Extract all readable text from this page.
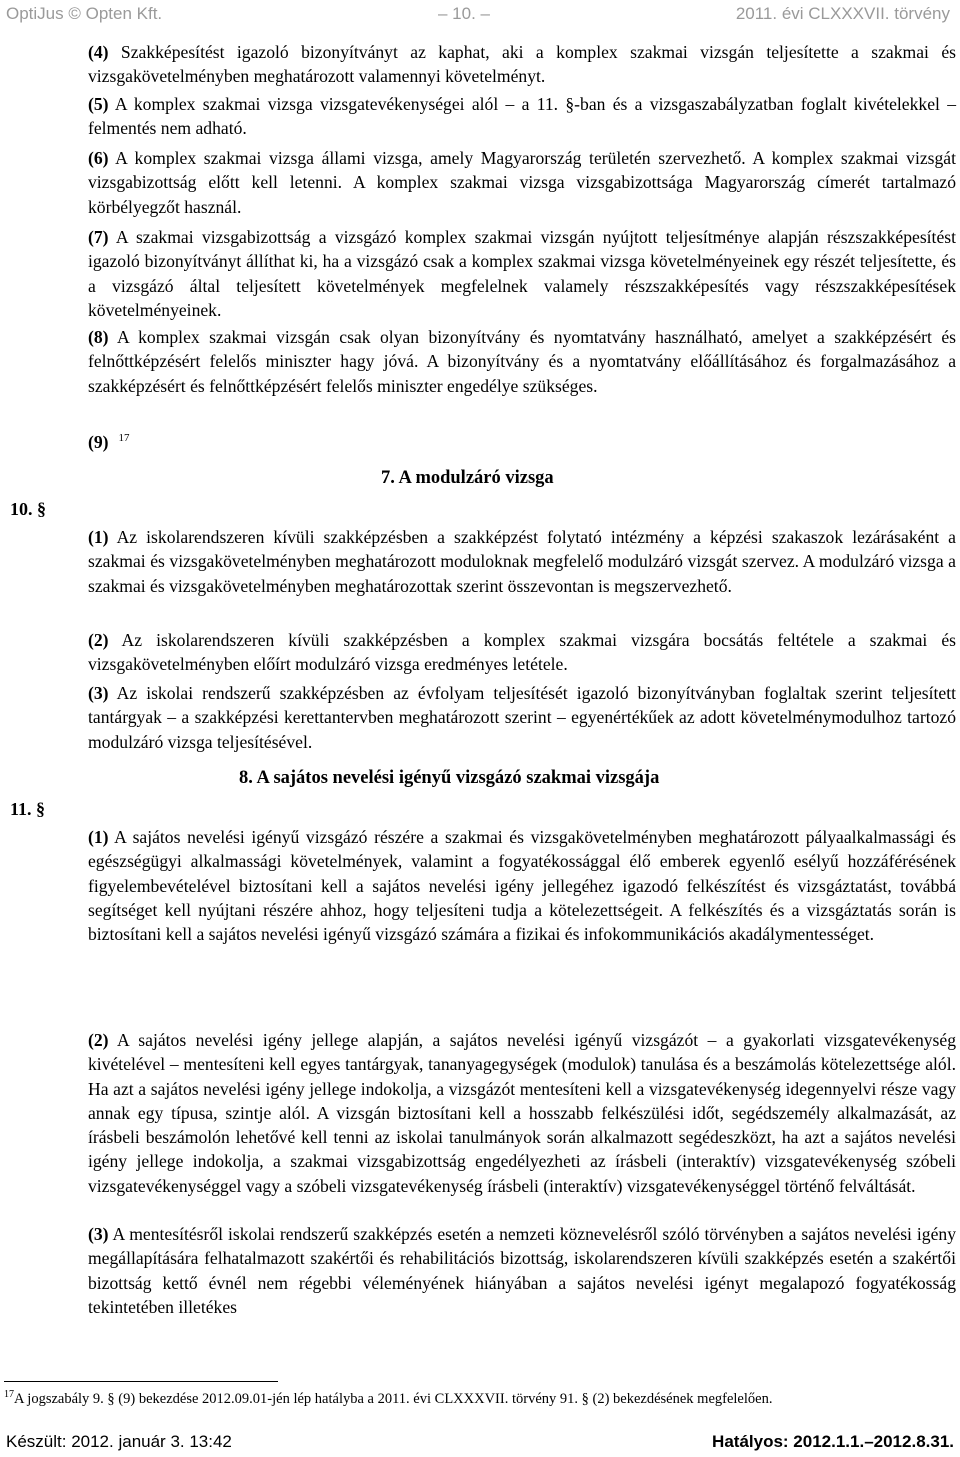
OptiJus © Opten Kft.	– 10. –	2011. évi CLXXXVII. törvény

(4) Szakképesítést igazoló bizonyítványt az kaphat, aki a komplex szakmai vizsgán teljesítette a szakmai és vizsgakövetelményben meghatározott valamennyi követelményt.

(5) A komplex szakmai vizsga vizsgatevékenységei alól – a 11. §-ban és a vizsgaszabályzatban foglalt kivételekkel – felmentés nem adható.

(6) A komplex szakmai vizsga állami vizsga, amely Magyarország területén szervezhető. A komplex szakmai vizsgát vizsgabizottság előtt kell letenni. A komplex szakmai vizsga vizsgabizottsága Magyarország címerét tartalmazó körbélyegzőt használ.

(7) A szakmai vizsgabizottság a vizsgázó komplex szakmai vizsgán nyújtott teljesítménye alapján részszakképesítést igazoló bizonyítványt állíthat ki, ha a vizsgázó csak a komplex szakmai vizsga követelményeinek egy részét teljesítette, és a vizsgázó által teljesített követelmények megfelelnek valamely részszakképesítés vagy részszakképesítések követelményeinek.

(8) A komplex szakmai vizsgán csak olyan bizonyítvány és nyomtatvány használható, amelyet a szakképzésért és felnőttképzésért felelős miniszter hagy jóvá. A bizonyítvány és a nyomtatvány előállításához és forgalmazásához a szakképzésért és felnőttképzésért felelős miniszter engedélye szükséges.

(9) $^{17}$

7. A modulzáró vizsga
10. §

(1) Az iskolarendszeren kívüli szakképzésben a szakképzést folytató intézmény a képzési szakaszok lezárásaként a szakmai és vizsgakövetelményben meghatározott moduloknak megfelelő modulzáró vizsgát szervez. A modulzáró vizsga a szakmai és vizsgakövetelményben meghatározottak szerint összevontan is megszervezhető.

(2) Az iskolarendszeren kívüli szakképzésben a komplex szakmai vizsgára bocsátás feltétele a szakmai és vizsgakövetelményben előírt modulzáró vizsga eredményes letétele.

(3) Az iskolai rendszerű szakképzésben az évfolyam teljesítését igazoló bizonyítványban foglaltak szerint teljesített tantárgyak – a szakképzési kerettantervben meghatározott szerint – egyenértékűek az adott követelménymodulhoz tartozó modulzáró vizsga teljesítésével.

8. A sajátos nevelési igényű vizsgázó szakmai vizsgája
11. §

(1) A sajátos nevelési igényű vizsgázó részére a szakmai és vizsgakövetelményben meghatározott pályaalkalmassági és egészségügyi alkalmassági követelmények, valamint a fogyatékossággal élő emberek egyenlő esélyű hozzáférésének figyelembevételével biztosítani kell a sajátos nevelési igény jellegéhez igazodó felkészítést és vizsgáztatást, továbbá segítséget kell nyújtani részére ahhoz, hogy teljesíteni tudja a kötelezettségeit. A felkészítés és a vizsgáztatás során is biztosítani kell a sajátos nevelési igényű vizsgázó számára a fizikai és infokommunikációs akadálymentességet.

(2) A sajátos nevelési igény jellege alapján, a sajátos nevelési igényű vizsgázót – a gyakorlati vizsgatevékenység kivételével – mentesíteni kell egyes tantárgyak, tananyagegységek (modulok) tanulása és a beszámolás kötelezettsége alól. Ha azt a sajátos nevelési igény jellege indokolja, a vizsgázót mentesíteni kell a vizsgatevékenység idegennyelvi része vagy annak egy típusa, szintje alól. A vizsgán biztosítani kell a hosszabb felkészülési időt, segédszemély alkalmazását, az írásbeli beszámolón lehetővé kell tenni az iskolai tanulmányok során alkalmazott segédeszközt, ha azt a sajátos nevelési igény jellege indokolja, a szakmai vizsgabizottság engedélyezheti az írásbeli (interaktív) vizsgatevékenység szóbeli vizsgatevékenységgel vagy a szóbeli vizsgatevékenység írásbeli (interaktív) vizsgatevékenységgel történő felváltását.

(3) A mentesítésről iskolai rendszerű szakképzés esetén a nemzeti köznevelésről szóló törvényben a sajátos nevelési igény megállapítására felhatalmazott szakértői és rehabilitációs bizottság, iskolarendszeren kívüli szakképzés esetén a szakértői bizottság kettő évnél nem régebbi véleményének hiányában a sajátos nevelési igényt megalapozó fogyatékosság tekintetében illetékes

$^{17}$A jogszabály 9. § (9) bekezdése 2012.09.01-jén lép hatályba a 2011. évi CLXXXVII. törvény 91. § (2) bekezdésének megfelelően.
Készült: 2012. január 3. 13:42	Hatályos: 2012.1.1.–2012.8.31.
